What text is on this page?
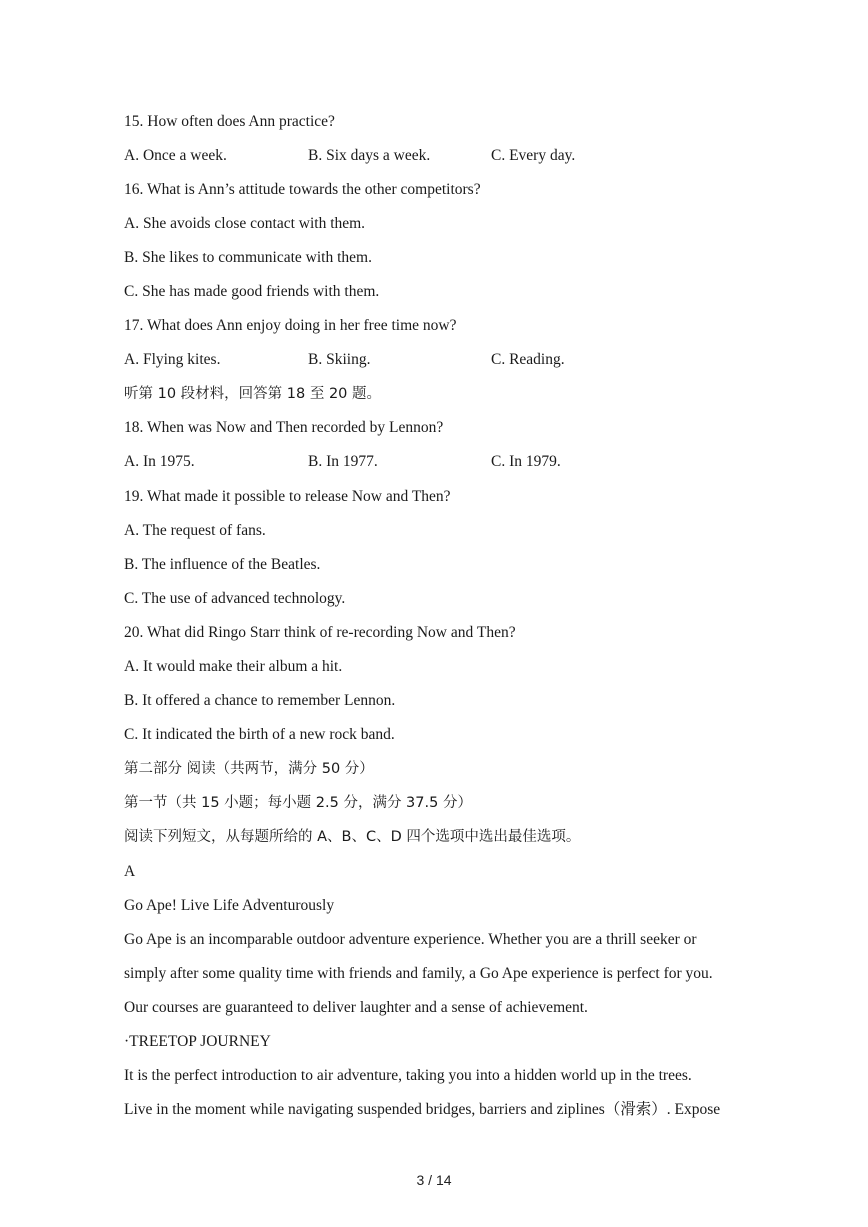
15. How often does Ann practice?
A. Once a week.	B. Six days a week.	C. Every day.
16. What is Ann’s attitude towards the other competitors?
A. She avoids close contact with them.
B. She likes to communicate with them.
C. She has made good friends with them.
17. What does Ann enjoy doing in her free time now?
A. Flying kites.	B. Skiing.	C. Reading.
听第 10 段材料，回答第 18 至 20 题。
18. When was Now and Then recorded by Lennon?
A. In 1975.	B. In 1977.	C. In 1979.
19. What made it possible to release Now and Then?
A. The request of fans.
B. The influence of the Beatles.
C. The use of advanced technology.
20. What did Ringo Starr think of re-recording Now and Then?
A. It would make their album a hit.
B. It offered a chance to remember Lennon.
C. It indicated the birth of a new rock band.
第二部分 阅读（共两节，满分 50 分）
第一节（共 15 小题；每小题 2.5 分，满分 37.5 分）
阅读下列短文，从每题所给的 A、B、C、D 四个选项中选出最佳选项。
A
Go Ape! Live Life Adventurously
Go Ape is an incomparable outdoor adventure experience. Whether you are a thrill seeker or
simply after some quality time with friends and family, a Go Ape experience is perfect for you.
Our courses are guaranteed to deliver laughter and a sense of achievement.
·TREETOP JOURNEY
It is the perfect introduction to air adventure, taking you into a hidden world up in the trees.
Live in the moment while navigating suspended bridges, barriers and ziplines（滑索）. Expose
3 / 14
